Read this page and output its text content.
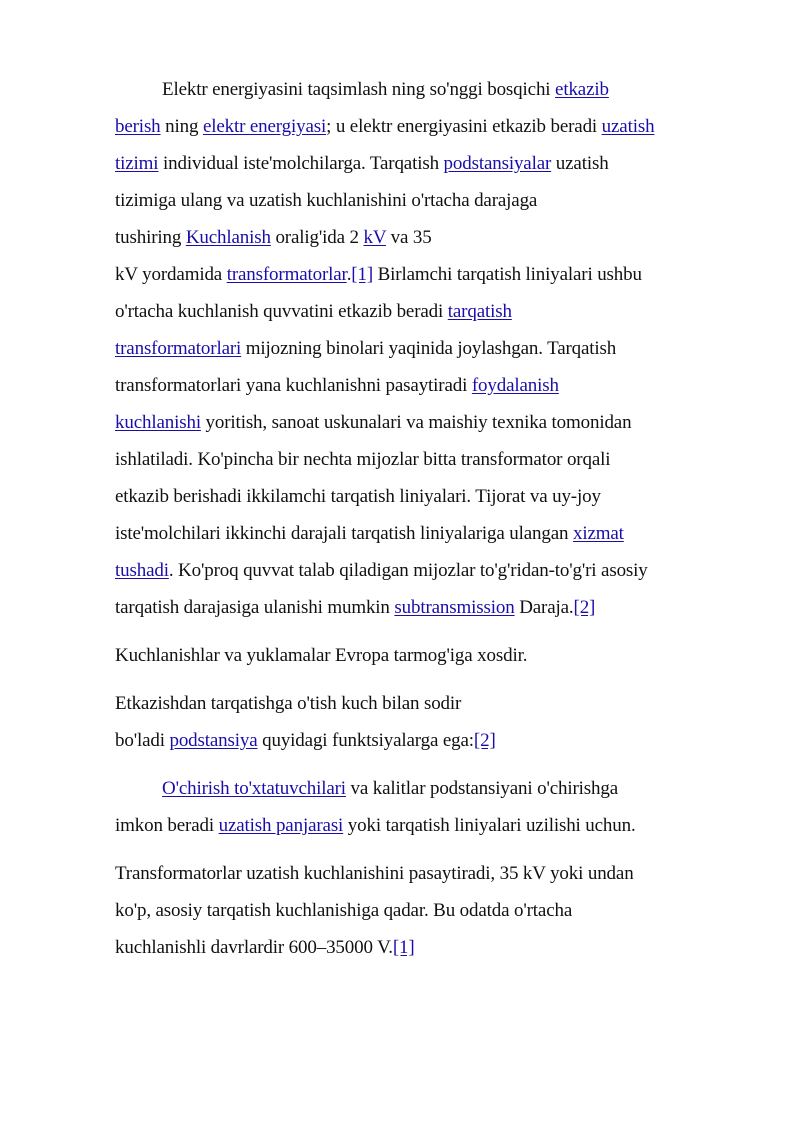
Elektr energiyasini taqsimlash ning so'nggi bosqichi etkazib
berish ning elektr energiyasi; u elektr energiyasini etkazib beradi uzatish
tizimi individual iste'molchilarga. Tarqatish podstansiyalar uzatish
tizimiga ulang va uzatish kuchlanishini o'rtacha darajaga
tushiring Kuchlanish oralig'ida 2 kV va 35
kV yordamida transformatorlar.[1] Birlamchi tarqatish liniyalari ushbu
o'rtacha kuchlanish quvvatini etkazib beradi tarqatish
transformatorlari mijozning binolari yaqinida joylashgan. Tarqatish
transformatorlari yana kuchlanishni pasaytiradi foydalanish
kuchlanishi yoritish, sanoat uskunalari va maishiy texnika tomonidan
ishlatiladi. Ko'pincha bir nechta mijozlar bitta transformator orqali
etkazib berishadi ikkilamchi tarqatish liniyalari. Tijorat va uy-joy
iste'molchilari ikkinchi darajali tarqatish liniyalariga ulangan xizmat
tushadi. Ko'proq quvvat talab qiladigan mijozlar to'g'ridan-to'g'ri asosiy
tarqatish darajasiga ulanishi mumkin subtransmission Daraja.[2]
Kuchlanishlar va yuklamalar Evropa tarmog'iga xosdir.
Etkazishdan tarqatishga o'tish kuch bilan sodir
bo'ladi podstansiya quyidagi funktsiyalarga ega:[2]
O'chirish to'xtatuvchilari va kalitlar podstansiyani o'chirishga
imkon beradi uzatish panjarasi yoki tarqatish liniyalari uzilishi uchun.
Transformatorlar uzatish kuchlanishini pasaytiradi, 35 kV yoki undan
ko'p, asosiy tarqatish kuchlanishiga qadar. Bu odatda o'rtacha
kuchlanishli davrlardir 600–35000 V.[1]
